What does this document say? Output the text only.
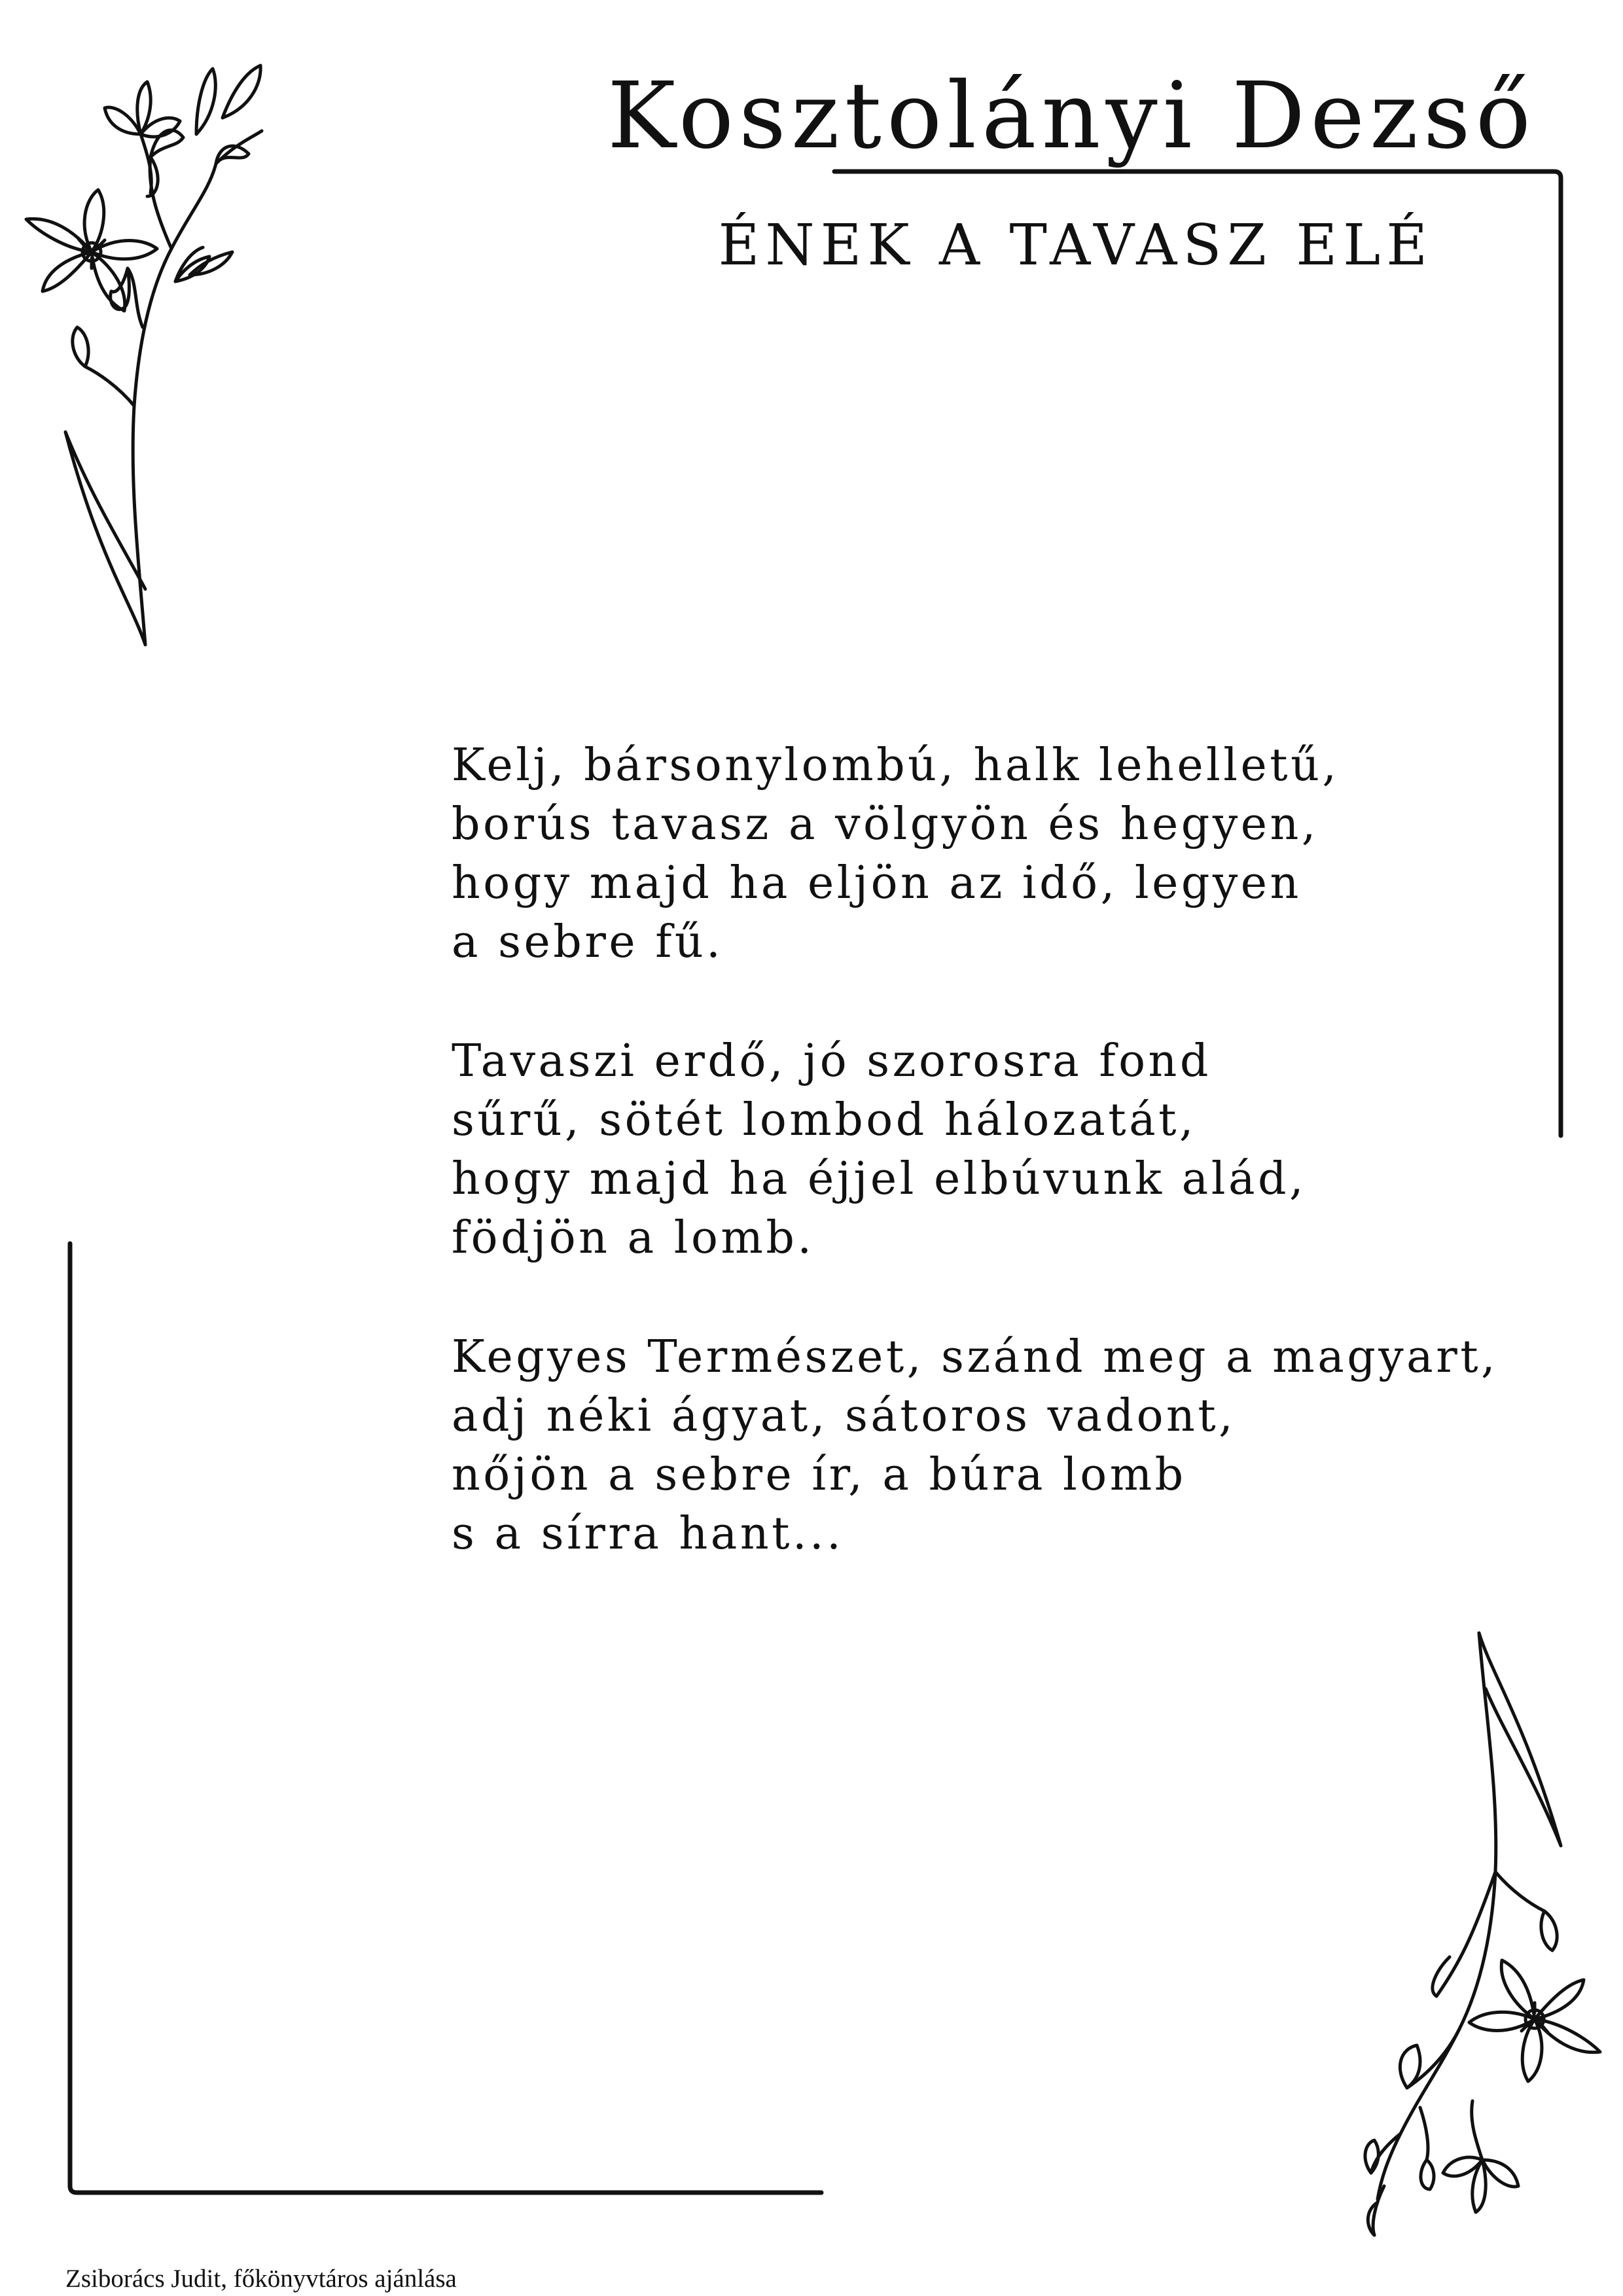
Kosztolányi Dezső
ÉNEK A TAVASZ ELÉ

Kelj, bársonylombú, halk lehelletű,
borús tavasz a völgyön és hegyen,
hogy majd ha eljön az idő, legyen
a sebre fű.

Tavaszi erdő, jó szorosra fond
sűrű, sötét lombod hálozatát,
hogy majd ha éjjel elbúvunk alád,
födjön a lomb.

Kegyes Természet, szánd meg a magyart,
adj néki ágyat, sátoros vadont,
nőjön a sebre ír, a búra lomb
s a sírra hant...

Zsiborács Judit, főkönyvtáros ajánlása
